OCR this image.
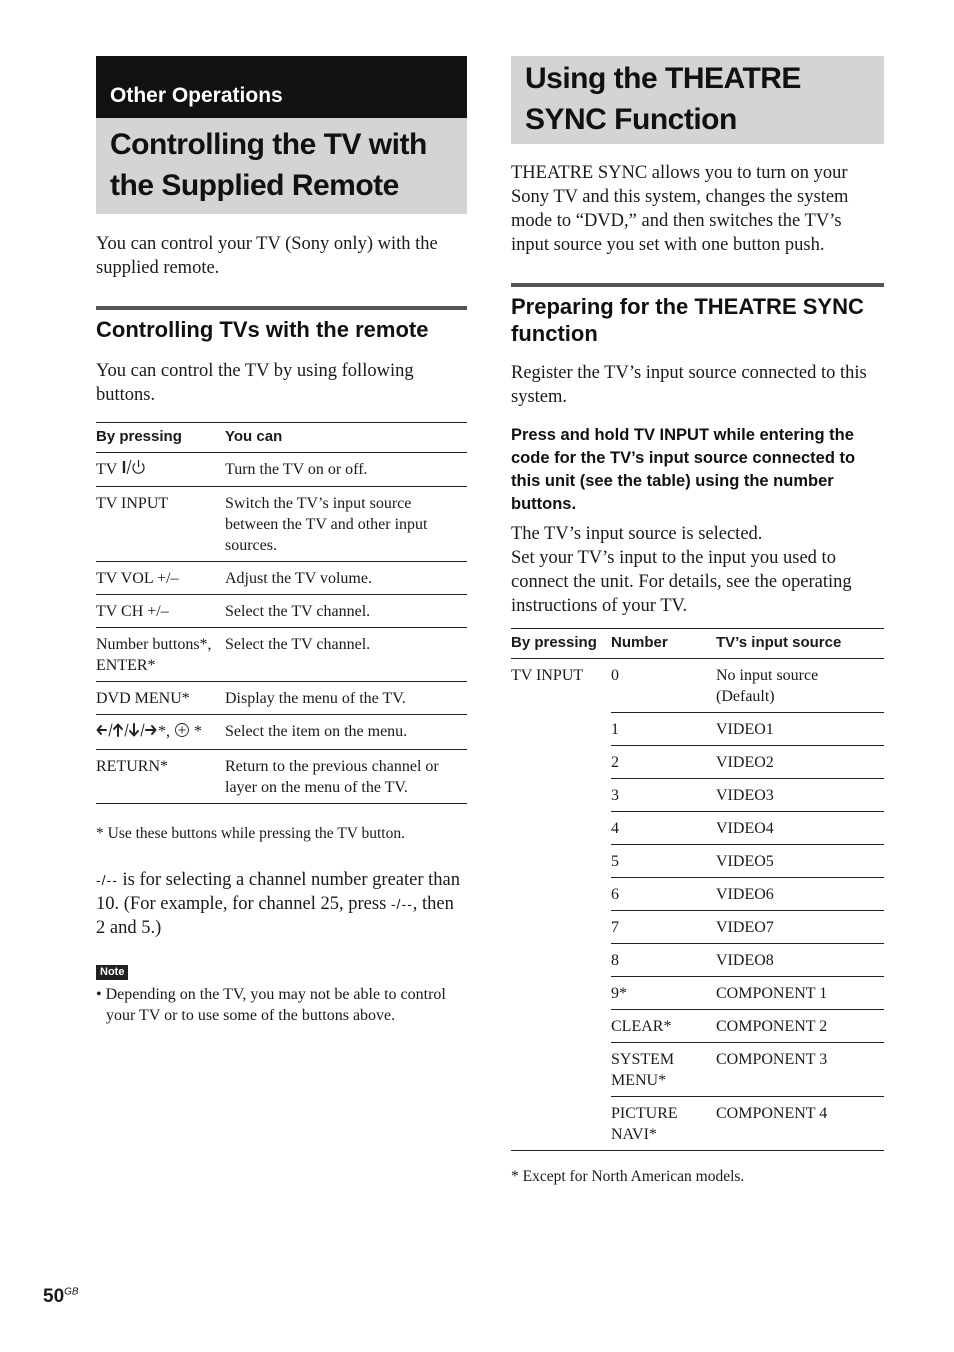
Other Operations
Controlling the TV with the Supplied Remote

You can control your TV (Sony only) with the supplied remote.

Controlling TVs with the remote

You can control the TV by using following buttons.

By pressing	You can
TV	Turn the TV on or off.
TV INPUT	Switch the TV’s input source between the TV and other input sources.
TV VOL +/–	Adjust the TV volume.
TV CH +/–	Select the TV channel.
Number buttons*, ENTER*	Select the TV channel.
DVD MENU*	Display the menu of the TV.
*,  *	Select the item on the menu.
RETURN*	Return to the previous channel or layer on the menu of the TV.

* Use these buttons while pressing the TV button.

-/-- is for selecting a channel number greater than 10. (For example, for channel 25, press -/--, then 2 and 5.)

Note

• Depending on the TV, you may not be able to control your TV or to use some of the buttons above.

Using the THEATRE SYNC Function

THEATRE SYNC allows you to turn on your Sony TV and this system, changes the system mode to “DVD,” and then switches the TV’s input source you set with one button push.

Preparing for the THEATRE SYNC function

Register the TV’s input source connected to this system.

Press and hold TV INPUT while entering the code for the TV’s input source connected to this unit (see the table) using the number buttons.

The TV’s input source is selected.

Set your TV’s input to the input you used to connect the unit. For details, see the operating instructions of your TV.

By pressing	Number	TV’s input source
TV INPUT	0	No input source (Default)
	1	VIDEO1
	2	VIDEO2
	3	VIDEO3
	4	VIDEO4
	5	VIDEO5
	6	VIDEO6
	7	VIDEO7
	8	VIDEO8
	9*	COMPONENT 1
	CLEAR*	COMPONENT 2
	SYSTEM MENU*	COMPONENT 3
	PICTURE NAVI*	COMPONENT 4

* Except for North American models.

$50^{GB}$
